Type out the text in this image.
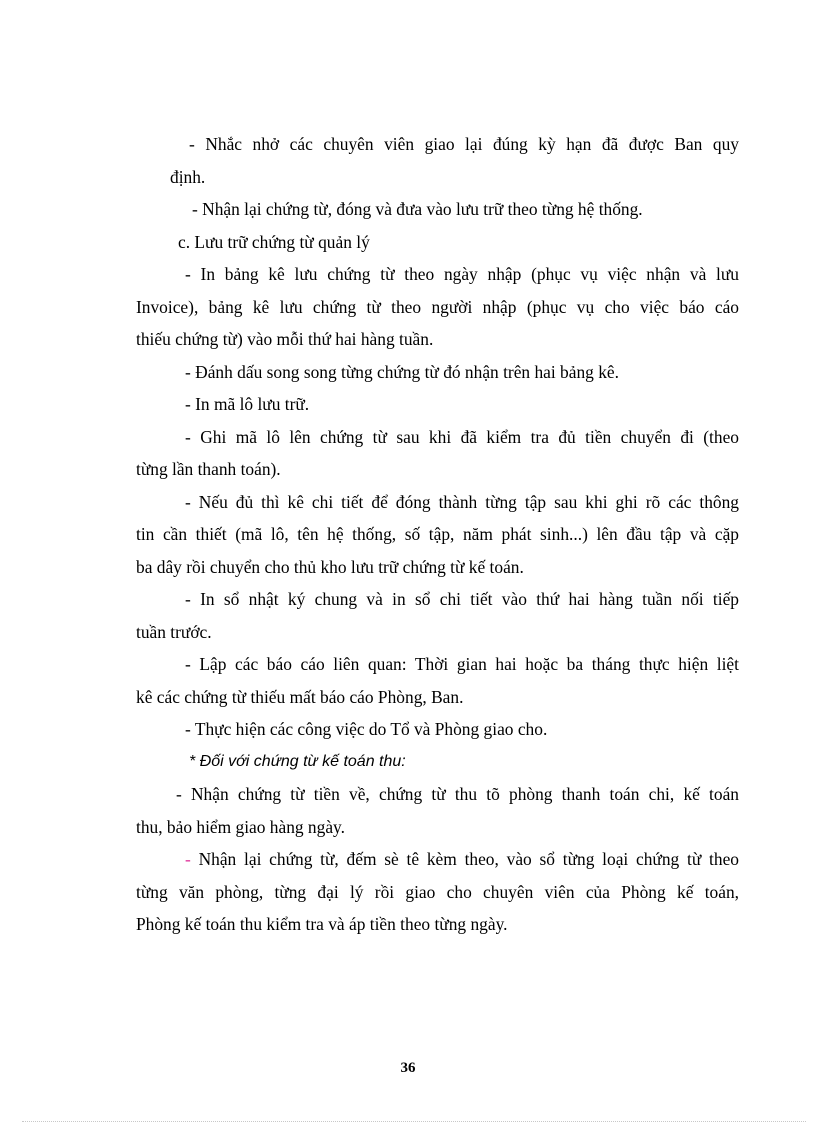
- Nhắc nhở các chuyên viên giao lại đúng kỳ hạn đã được Ban quy
định.
- Nhận lại chứng từ, đóng và đưa vào lưu trữ theo từng hệ thống.
c. Lưu trữ chứng từ quản lý
- In bảng kê lưu chứng từ theo ngày nhập (phục vụ việc nhận và lưu
Invoice), bảng kê lưu chứng từ theo người nhập (phục vụ cho việc báo cáo
thiếu chứng từ) vào mỗi thứ hai hàng tuần.
- Đánh dấu song song từng chứng từ đó nhận trên hai bảng kê.
- In mã lô lưu trữ.
- Ghi mã lô lên chứng từ sau khi đã kiểm tra đủ tiền chuyển đi (theo
từng lần thanh toán).
- Nếu đủ thì kê chi tiết để đóng thành từng tập sau khi ghi rõ các thông
tin cần thiết (mã lô, tên hệ thống, số tập, năm phát sinh...) lên đầu tập và cặp
ba dây rồi chuyển cho thủ kho lưu trữ chứng từ kế toán.
- In sổ nhật ký chung và in sổ chi tiết vào thứ hai hàng tuần nối tiếp
tuần trước.
- Lập các báo cáo liên quan: Thời gian hai hoặc ba tháng thực hiện liệt
kê các chứng từ thiếu mất báo cáo Phòng, Ban.
- Thực hiện các công việc do Tổ và Phòng giao cho.
* Đối với chứng từ kế toán thu:
- Nhận chứng từ tiền về, chứng từ thu tõ phòng thanh toán chi, kế toán
thu, bảo hiểm giao hàng ngày.
- Nhận lại chứng từ, đếm sè tê kèm theo, vào sổ từng loại chứng từ theo
từng văn phòng, từng đại lý rồi giao cho chuyên viên của Phòng kế toán,
Phòng kế toán thu kiểm tra và áp tiền theo từng ngày.
36
